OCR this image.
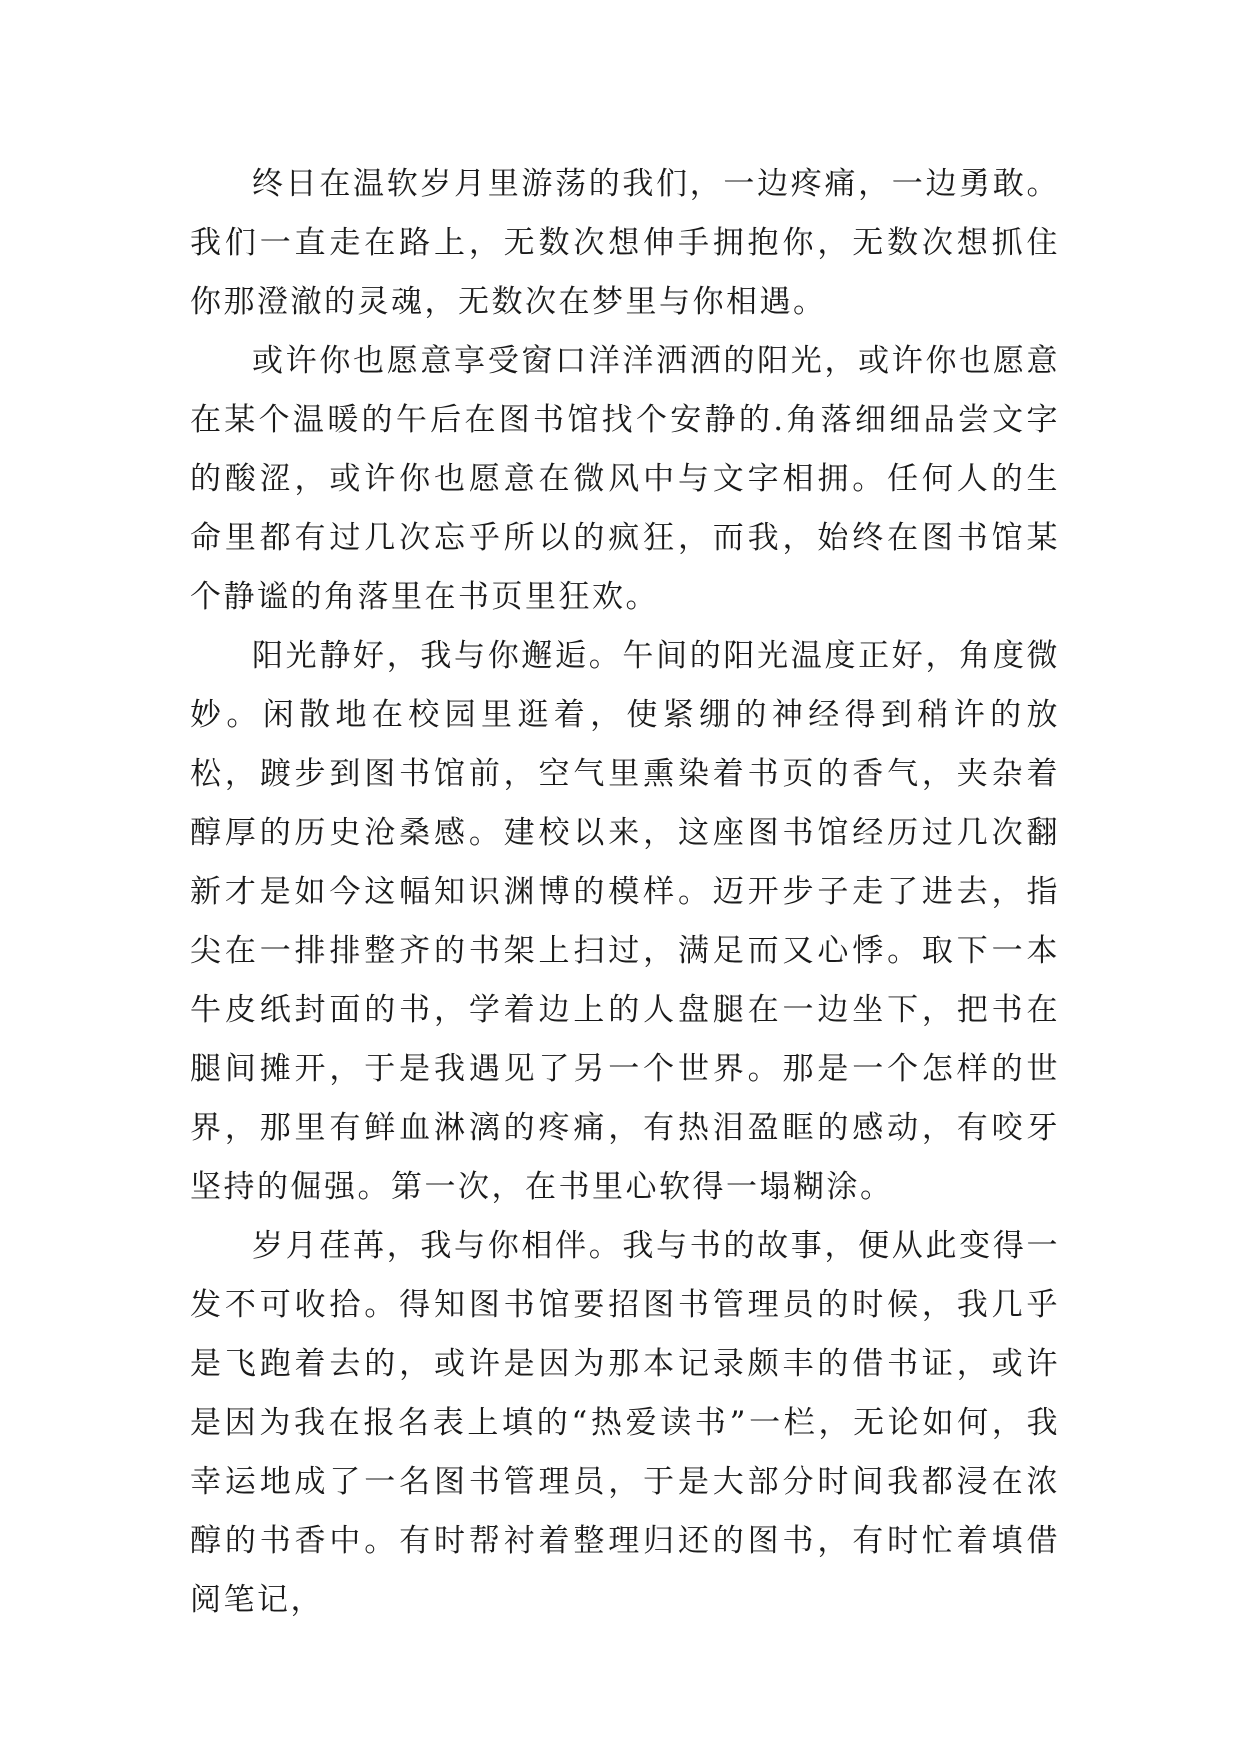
终日在温软岁月里游荡的我们，一边疼痛，一边勇敢。我们一直走在路上，无数次想伸手拥抱你，无数次想抓住你那澄澈的灵魂，无数次在梦里与你相遇。

或许你也愿意享受窗口洋洋洒洒的阳光，或许你也愿意在某个温暖的午后在图书馆找个安静的.角落细细品尝文字的酸涩，或许你也愿意在微风中与文字相拥。任何人的生命里都有过几次忘乎所以的疯狂，而我，始终在图书馆某个静谧的角落里在书页里狂欢。

阳光静好，我与你邂逅。午间的阳光温度正好，角度微妙。闲散地在校园里逛着，使紧绷的神经得到稍许的放松，踱步到图书馆前，空气里熏染着书页的香气，夹杂着醇厚的历史沧桑感。建校以来，这座图书馆经历过几次翻新才是如今这幅知识渊博的模样。迈开步子走了进去，指尖在一排排整齐的书架上扫过，满足而又心悸。取下一本牛皮纸封面的书，学着边上的人盘腿在一边坐下，把书在腿间摊开，于是我遇见了另一个世界。那是一个怎样的世界，那里有鲜血淋漓的疼痛，有热泪盈眶的感动，有咬牙坚持的倔强。第一次，在书里心软得一塌糊涂。

岁月荏苒，我与你相伴。我与书的故事，便从此变得一发不可收拾。得知图书馆要招图书管理员的时候，我几乎是飞跑着去的，或许是因为那本记录颇丰的借书证，或许是因为我在报名表上填的“热爱读书”一栏，无论如何，我幸运地成了一名图书管理员，于是大部分时间我都浸在浓醇的书香中。有时帮衬着整理归还的图书，有时忙着填借阅笔记，
